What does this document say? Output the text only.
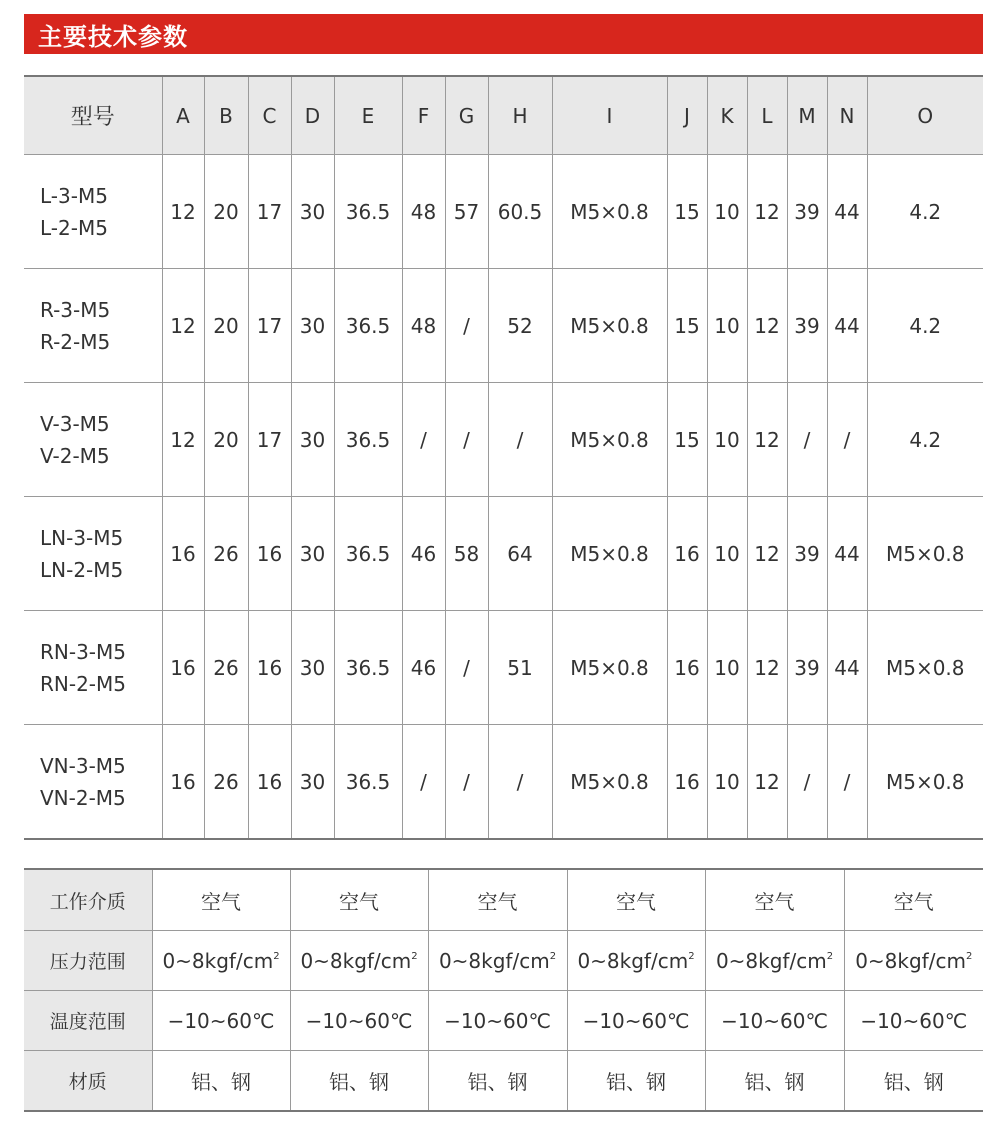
主要技术参数
型号	A	B	C	D	E	F	G	H	I	J	K	L	M	N	O

L-3-M5
L-2-M5	12	20	17	30	36.5	48	57	60.5	M5×0.8	15	10	12	39	44	4.2

R-3-M5
R-2-M5	12	20	17	30	36.5	48	/	52	M5×0.8	15	10	12	39	44	4.2

V-3-M5
V-2-M5	12	20	17	30	36.5	/	/	/	M5×0.8	15	10	12	/	/	4.2

LN-3-M5
LN-2-M5	16	26	16	30	36.5	46	58	64	M5×0.8	16	10	12	39	44	M5×0.8

RN-3-M5
RN-2-M5	16	26	16	30	36.5	46	/	51	M5×0.8	16	10	12	39	44	M5×0.8

VN-3-M5
VN-2-M5	16	26	16	30	36.5	/	/	/	M5×0.8	16	10	12	/	/	M5×0.8
工作介质	空气	空气	空气	空气	空气	空气
压力范围	$0\sim 8kgf/cm^2$	$0\sim 8kgf/cm^2$	$0\sim 8kgf/cm^2$	$0\sim 8kgf/cm^2$	$0\sim 8kgf/cm^2$	$0\sim 8kgf/cm^2$
温度范围	−10~60℃	−10~60℃	−10~60℃	−10~60℃	−10~60℃	−10~60℃
材质	铝、钢	铝、钢	铝、钢	铝、钢	铝、钢	铝、钢
